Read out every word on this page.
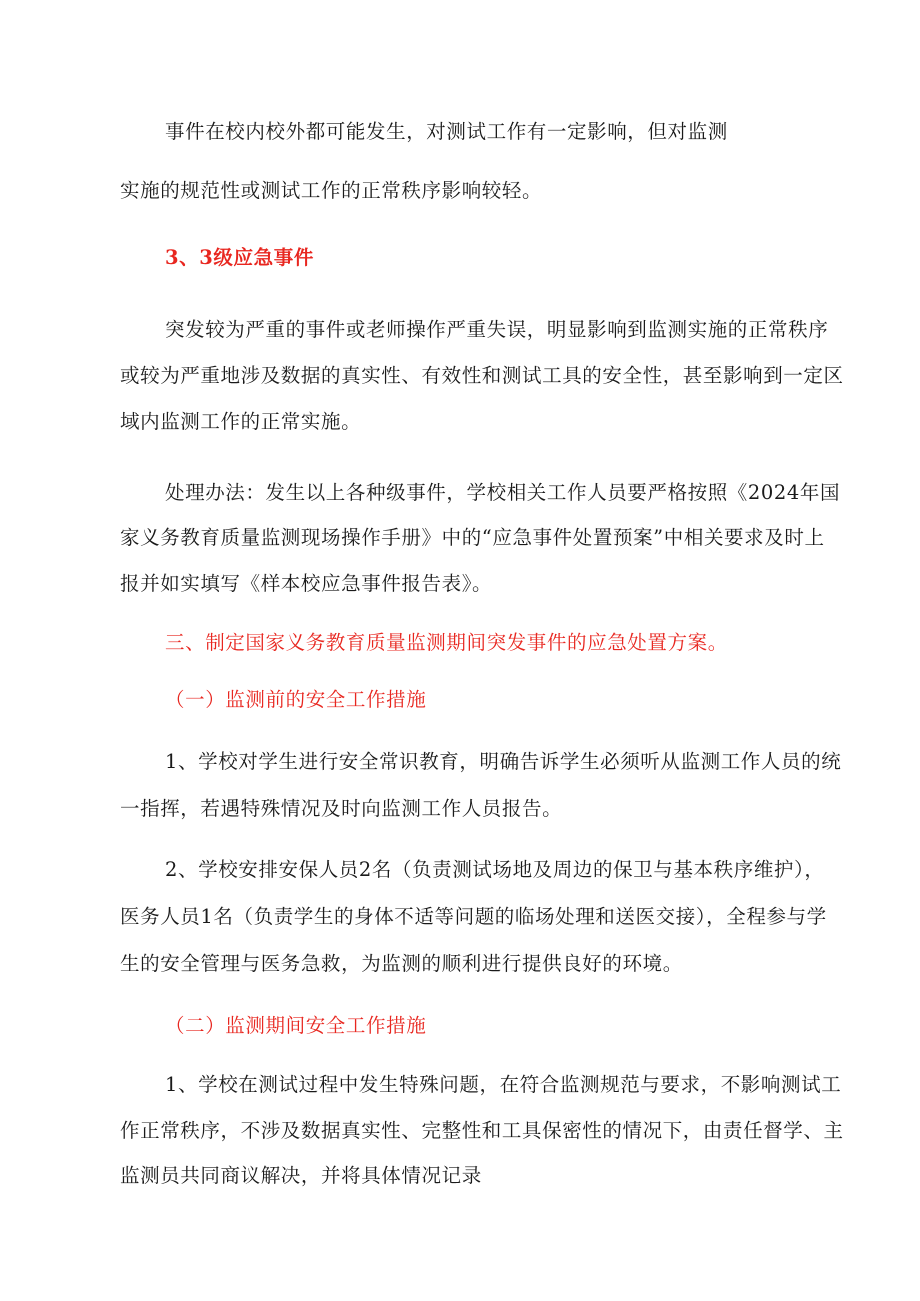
事件在校内校外都可能发生，对测试工作有一定影响，但对监测
实施的规范性或测试工作的正常秩序影响较轻。
3、3级应急事件
突发较为严重的事件或老师操作严重失误，明显影响到监测实施的正常秩序
或较为严重地涉及数据的真实性、有效性和测试工具的安全性，甚至影响到一定区
域内监测工作的正常实施。
处理办法：发生以上各种级事件，学校相关工作人员要严格按照《2024年国
家义务教育质量监测现场操作手册》中的“应急事件处置预案”中相关要求及时上
报并如实填写《样本校应急事件报告表》。
三、制定国家义务教育质量监测期间突发事件的应急处置方案。
（一）监测前的安全工作措施
1、学校对学生进行安全常识教育，明确告诉学生必须听从监测工作人员的统
一指挥，若遇特殊情况及时向监测工作人员报告。
2、学校安排安保人员2名（负责测试场地及周边的保卫与基本秩序维护），
医务人员1名（负责学生的身体不适等问题的临场处理和送医交接），全程参与学
生的安全管理与医务急救，为监测的顺利进行提供良好的环境。
（二）监测期间安全工作措施
1、学校在测试过程中发生特殊问题，在符合监测规范与要求，不影响测试工
作正常秩序，不涉及数据真实性、完整性和工具保密性的情况下，由责任督学、主
监测员共同商议解决，并将具体情况记录
